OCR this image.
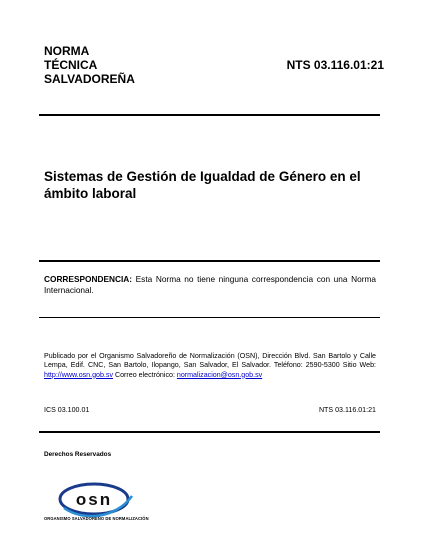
NORMA
TÉCNICA
SALVADOREÑA
NTS 03.116.01:21
Sistemas de Gestión de Igualdad de Género en el ámbito laboral
CORRESPONDENCIA: Esta Norma no tiene ninguna correspondencia con una Norma Internacional.
Publicado por el Organismo Salvadoreño de Normalización (OSN), Dirección Blvd. San Bartolo y Calle Lempa, Edif. CNC, San Bartolo, Ilopango, San Salvador, El Salvador. Teléfono: 2590-5300 Sitio Web: http://www.osn.gob.sv Correo electrónico: normalizacion@osn.gob.sv
ICS 03.100.01	NTS 03.116.01:21
Derechos Reservados
osn
ORGANISMO SALVADOREÑO DE NORMALIZACIÓN
